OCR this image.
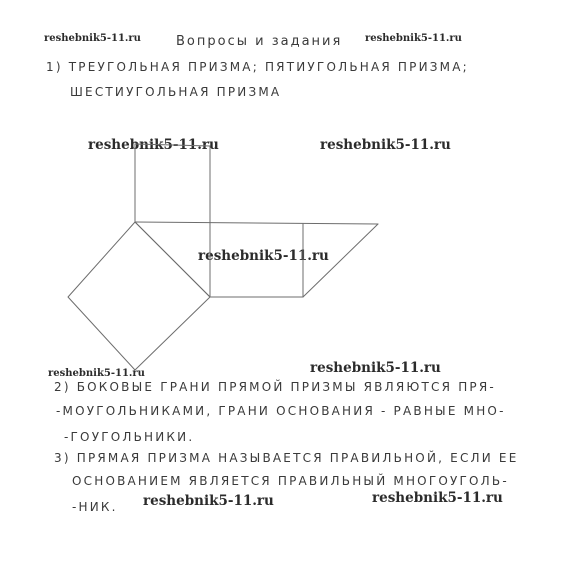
reshebnik5-11.ru	reshebnik5-11.ru
reshebnik5-11.ru	reshebnik5-11.ru
reshebnik5-11.ru
reshebnik5-11.ru	reshebnik5-11.ru
reshebnik5-11.ru	reshebnik5-11.ru
Вопросы и задания
1) ТРЕУГОЛЬНАЯ ПРИЗМА; ПЯТИУГОЛЬНАЯ ПРИЗМА;
ШЕСТИУГОЛЬНАЯ ПРИЗМА
2) БОКОВЫЕ ГРАНИ ПРЯМОЙ ПРИЗМЫ ЯВЛЯЮТСЯ ПРЯ-
-МОУГОЛЬНИКАМИ, ГРАНИ ОСНОВАНИЯ - РАВНЫЕ МНО-
-ГОУГОЛЬНИКИ.
3) ПРЯМАЯ ПРИЗМА НАЗЫВАЕТСЯ ПРАВИЛЬНОЙ, ЕСЛИ ЕЕ
ОСНОВАНИЕМ ЯВЛЯЕТСЯ ПРАВИЛЬНЫЙ МНОГОУГОЛЬ-
-НИК.
